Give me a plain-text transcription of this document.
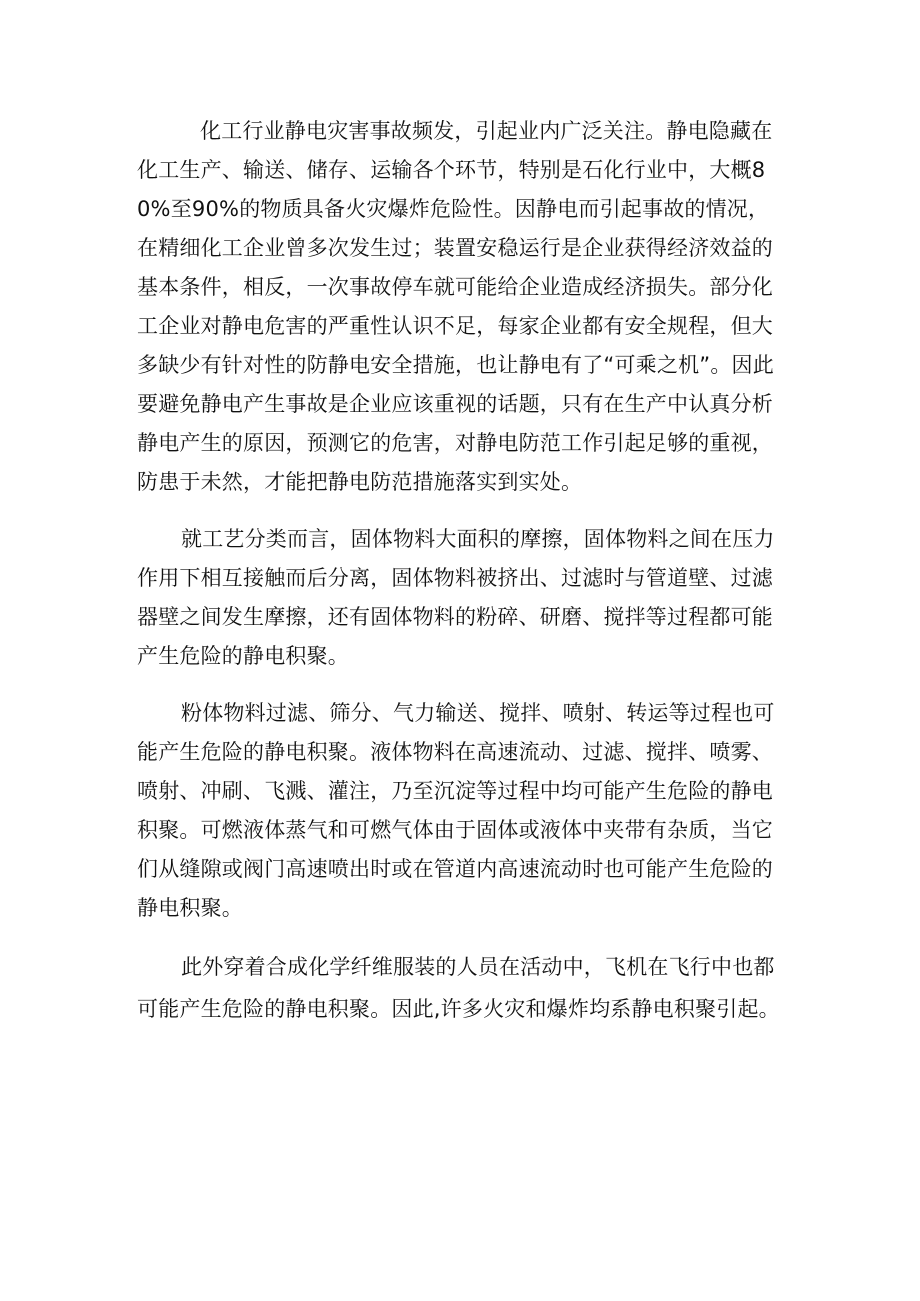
化工行业静电灾害事故频发，引起业内广泛关注。静电隐藏在化工生产、输送、储存、运输各个环节，特别是石化行业中，大概80%至90%的物质具备火灾爆炸危险性。因静电而引起事故的情况，在精细化工企业曾多次发生过；装置安稳运行是企业获得经济效益的基本条件，相反，一次事故停车就可能给企业造成经济损失。部分化工企业对静电危害的严重性认识不足，每家企业都有安全规程，但大多缺少有针对性的防静电安全措施，也让静电有了“可乘之机”。因此要避免静电产生事故是企业应该重视的话题，只有在生产中认真分析静电产生的原因，预测它的危害，对静电防范工作引起足够的重视，防患于未然，才能把静电防范措施落实到实处。

就工艺分类而言，固体物料大面积的摩擦，固体物料之间在压力作用下相互接触而后分离，固体物料被挤出、过滤时与管道壁、过滤器壁之间发生摩擦，还有固体物料的粉碎、研磨、搅拌等过程都可能产生危险的静电积聚。

粉体物料过滤、筛分、气力输送、搅拌、喷射、转运等过程也可能产生危险的静电积聚。液体物料在高速流动、过滤、搅拌、喷雾、喷射、冲刷、飞溅、灌注，乃至沉淀等过程中均可能产生危险的静电积聚。可燃液体蒸气和可燃气体由于固体或液体中夹带有杂质，当它们从缝隙或阀门高速喷出时或在管道内高速流动时也可能产生危险的静电积聚。

此外穿着合成化学纤维服装的人员在活动中，飞机在飞行中也都
可能产生危险的静电积聚。因此,许多火灾和爆炸均系静电积聚引起。
